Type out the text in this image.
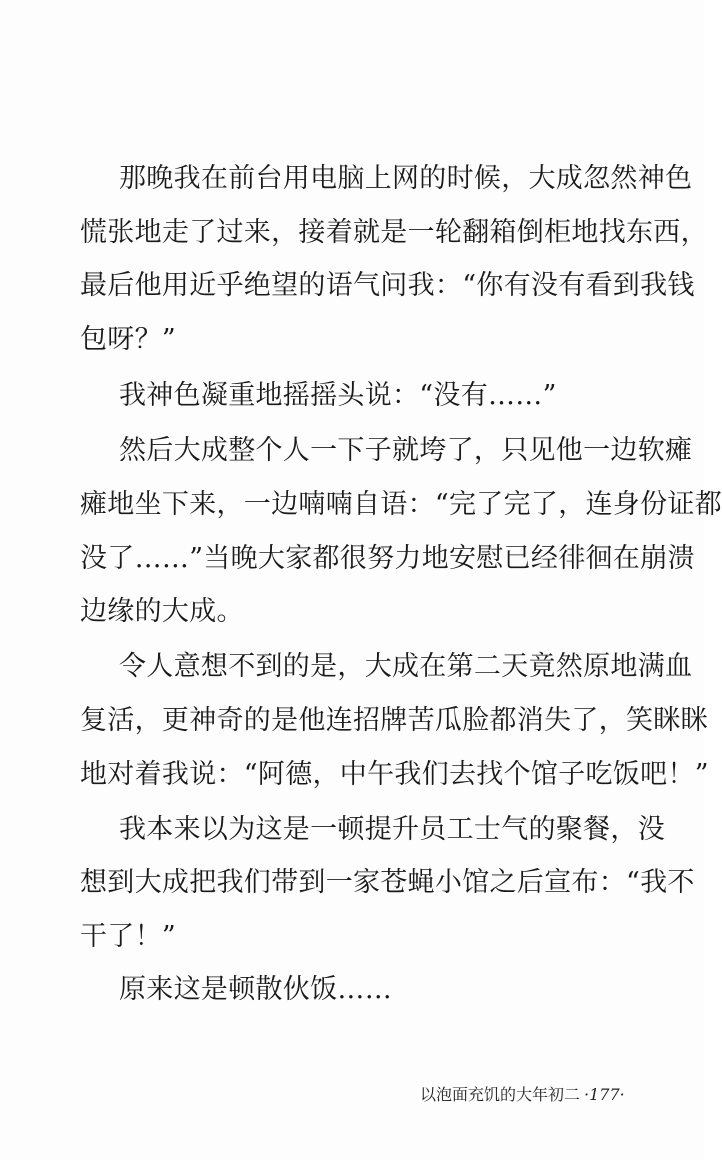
那晚我在前台用电脑上网的时候，大成忽然神色
慌张地走了过来，接着就是一轮翻箱倒柜地找东西，
最后他用近乎绝望的语气问我：“你有没有看到我钱
包呀？”
我神色凝重地摇摇头说：“没有……”
然后大成整个人一下子就垮了，只见他一边软瘫
瘫地坐下来，一边喃喃自语：“完了完了，连身份证都
没了……”当晚大家都很努力地安慰已经徘徊在崩溃
边缘的大成。
令人意想不到的是，大成在第二天竟然原地满血
复活，更神奇的是他连招牌苦瓜脸都消失了，笑眯眯
地对着我说：“阿德，中午我们去找个馆子吃饭吧！”
我本来以为这是一顿提升员工士气的聚餐，没
想到大成把我们带到一家苍蝇小馆之后宣布：“我不
干了！”
原来这是顿散伙饭……
以泡面充饥的大年初二 ·177·
